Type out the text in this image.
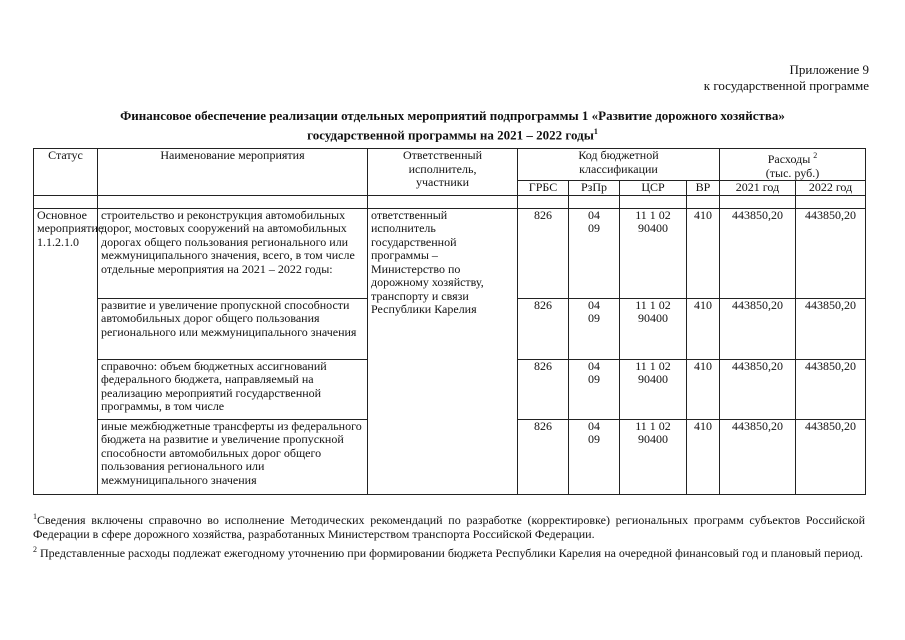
Приложение 9
к государственной программе
Финансовое обеспечение реализации отдельных мероприятий подпрограммы 1 «Развитие дорожного хозяйства»
государственной программы на 2021 – 2022 годы$^1$
Статус	Наименование мероприятия	Ответственный исполнитель, участники	Код бюджетной классификации				Расходы $^2$
(тыс. руб.)	
			ГРБС	РзПр	ЦСР	ВР	2021 год	2022 год

Основное мероприятие 1.1.2.1.0	строительство и реконструкция автомобильных дорог, мостовых сооружений на автомобильных дорогах общего пользования регионального или межмуниципального значения, всего, в том числе отдельные мероприятия на 2021 – 2022 годы:	ответственный исполнитель государственной программы – Министерство по дорожному хозяйству, транспорту и связи Республики Карелия	826	04 09	11 1 02 90400	410	443850,20	443850,20
	развитие и увеличение пропускной способности автомобильных дорог общего пользования регионального или межмуниципального значения		826	04 09	11 1 02 90400	410	443850,20	443850,20
	справочно: объем бюджетных ассигнований федерального бюджета, направляемый на реализацию мероприятий государственной программы, в том числе		826	04 09	11 1 02 90400	410	443850,20	443850,20
	иные межбюджетные трансферты из федерального бюджета на развитие и увеличение пропускной способности автомобильных дорог общего пользования регионального или межмуниципального значения		826	04 09	11 1 02 90400	410	443850,20	443850,20
$^1$Сведения включены справочно во исполнение Методических рекомендаций по разработке (корректировке) региональных программ субъектов Российской Федерации в сфере дорожного хозяйства, разработанных Министерством транспорта Российской Федерации.
$^2$ Представленные расходы подлежат ежегодному уточнению при формировании бюджета Республики Карелия на очередной финансовый год и плановый период.
